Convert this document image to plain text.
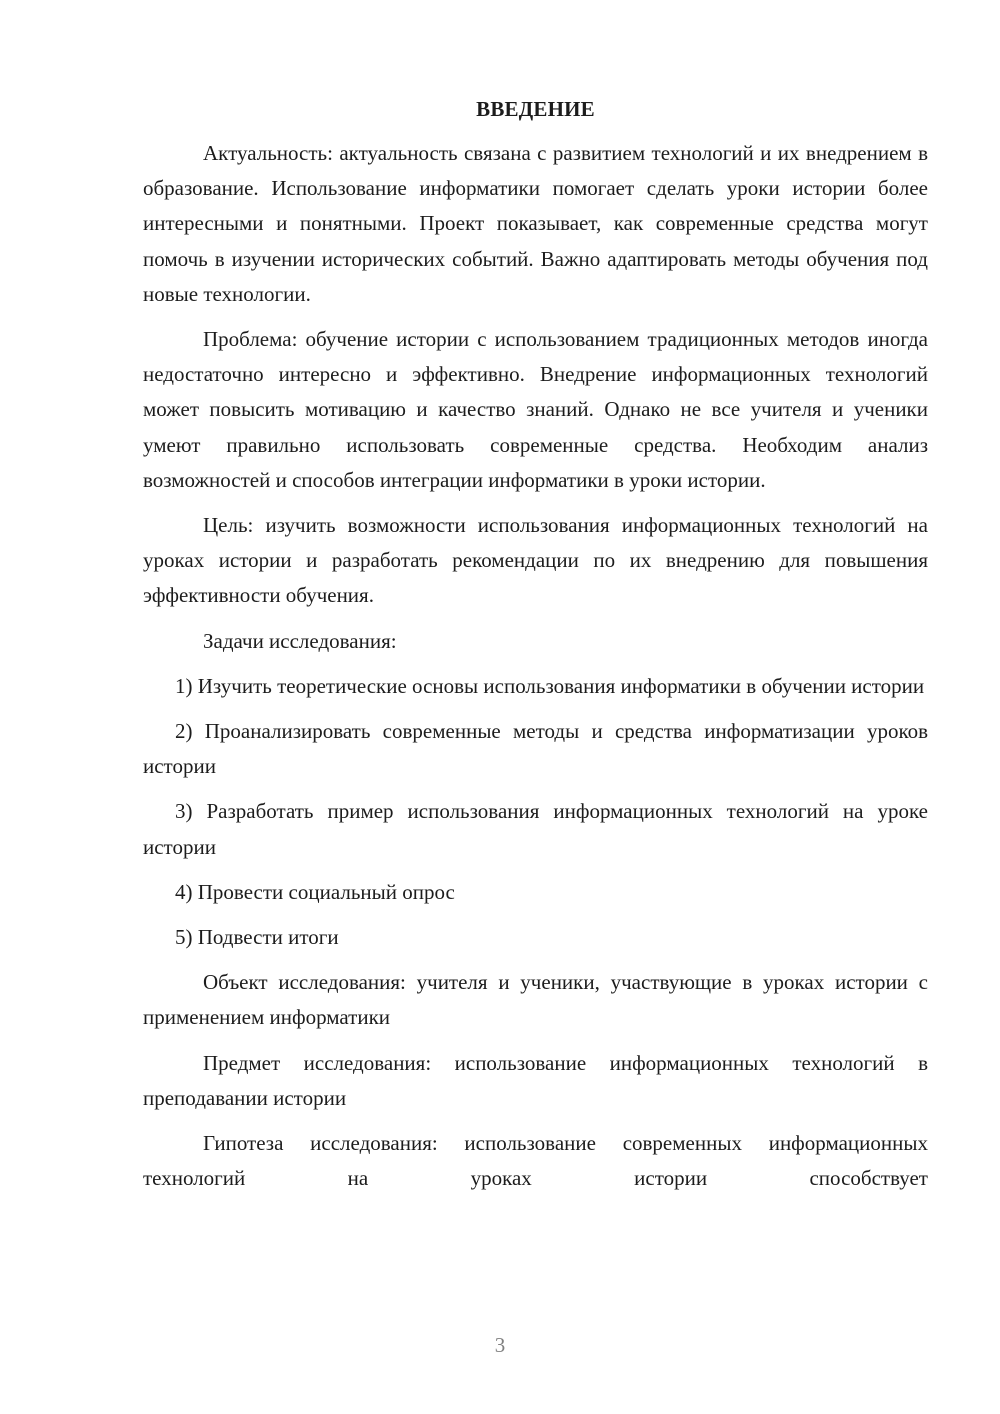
ВВЕДЕНИЕ

Актуальность: актуальность связана с развитием технологий и их внедрением в образование. Использование информатики помогает сделать уроки истории более интересными и понятными. Проект показывает, как современные средства могут помочь в изучении исторических событий. Важно адаптировать методы обучения под новые технологии.

Проблема: обучение истории с использованием традиционных методов иногда недостаточно интересно и эффективно. Внедрение информационных технологий может повысить мотивацию и качество знаний. Однако не все учителя и ученики умеют правильно использовать современные средства. Необходим анализ возможностей и способов интеграции информатики в уроки истории.

Цель: изучить возможности использования информационных технологий на уроках истории и разработать рекомендации по их внедрению для повышения эффективности обучения.

Задачи исследования:

1) Изучить теоретические основы использования информатики в обучении истории

2) Проанализировать современные методы и средства информатизации уроков истории

3) Разработать пример использования информационных технологий на уроке истории

4) Провести социальный опрос

5) Подвести итоги

Объект исследования: учителя и ученики, участвующие в уроках истории с применением информатики

Предмет исследования: использование информационных технологий в преподавании истории

Гипотеза исследования: использование современных информационных технологий на уроках истории способствует

3
